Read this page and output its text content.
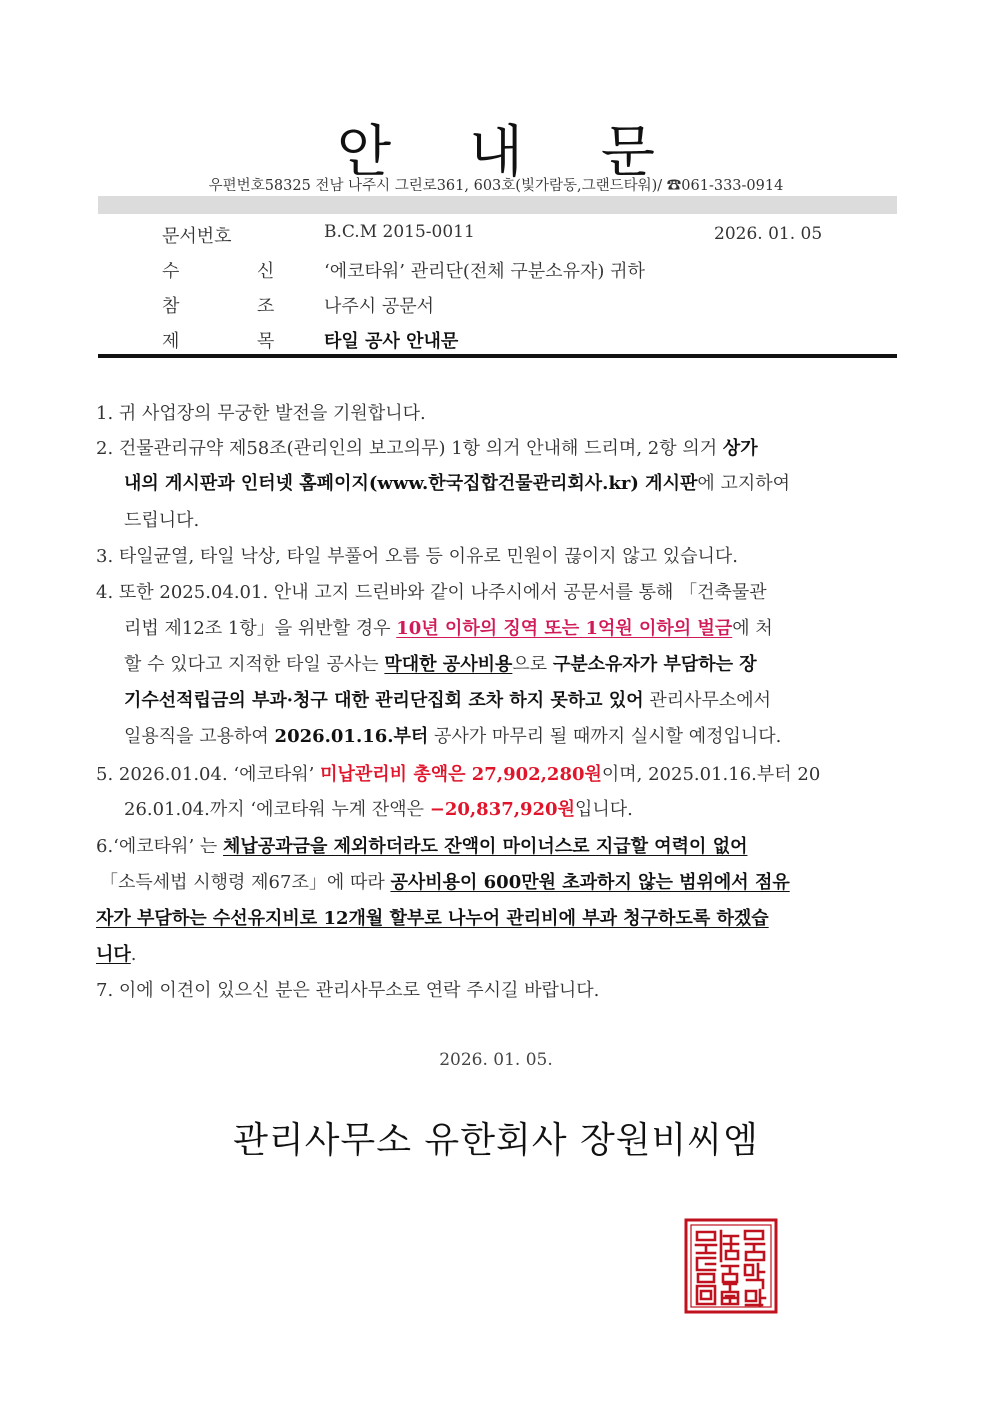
안 내 문
우편번호58325 전남 나주시 그린로361, 603호(빛가람동,그랜드타워)/ ☎061-333-0914
문서번호	B.C.M 2015-0011	2026. 01. 05
수  신 ‘에코타워’ 관리단(전체 구분소유자) 귀하
참  조 나주시 공문서
제  목 타일 공사 안내문
1. 귀 사업장의 무궁한 발전을 기원합니다.
2. 건물관리규약 제58조(관리인의 보고의무) 1항 의거 안내해 드리며, 2항 의거 상가
내의 게시판과 인터넷 홈페이지(www.한국집합건물관리회사.kr) 게시판에 고지하여
드립니다.
3. 타일균열, 타일 낙상, 타일 부풀어 오름 등 이유로 민원이 끊이지 않고 있습니다.
4. 또한 2025.04.01. 안내 고지 드린바와 같이 나주시에서 공문서를 통해 「건축물관
리법 제12조 1항」을 위반할 경우 10년 이하의 징역 또는 1억원 이하의 벌금에 처
할 수 있다고 지적한 타일 공사는 막대한 공사비용으로 구분소유자가 부담하는 장
기수선적립금의 부과·청구 대한 관리단집회 조차 하지 못하고 있어 관리사무소에서
일용직을 고용하여 2026.01.16.부터 공사가 마무리 될 때까지 실시할 예정입니다.
5. 2026.01.04. ‘에코타워’ 미납관리비 총액은 27,902,280원이며, 2025.01.16.부터 20
26.01.04.까지 ‘에코타워 누계 잔액은 −20,837,920원입니다.
6.‘에코타워’ 는 체납공과금을 제외하더라도 잔액이 마이너스로 지급할 여력이 없어
「소득세법 시행령 제67조」에 따라 공사비용이 600만원 초과하지 않는 범위에서 점유
자가 부담하는 수선유지비로 12개월 할부로 나누어 관리비에 부과 청구하도록 하겠습
니다.
7. 이에 이견이 있으신 분은 관리사무소로 연락 주시길 바랍니다.
2026. 01. 05.
관리사무소 유한회사 장원비씨엠
